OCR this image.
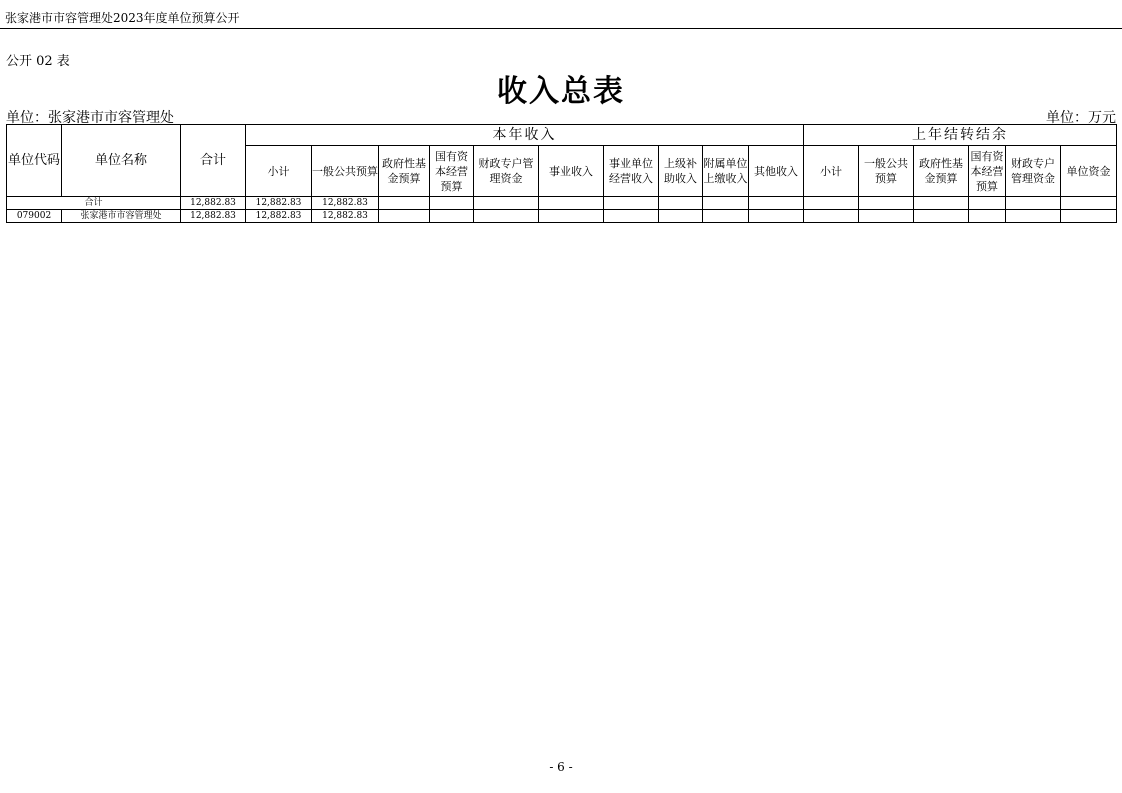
张家港市市容管理处2023年度单位预算公开
公开 02 表
收入总表
单位：张家港市市容管理处	单位：万元
单位代码	单位名称	合计	本年收入										上年结转结余					
			小计	一般公共预算	政府性基金预算	国有资本经营预算	财政专户管理资金	事业收入	事业单位经营收入	上级补助收入	附属单位上缴收入	其他收入	小计	一般公共预算	政府性基金预算	国有资本经营预算	财政专户管理资金	单位资金
合计		12,882.83	12,882.83	12,882.83														
079002	张家港市市容管理处	12,882.83	12,882.83	12,882.83														
- 6 -
